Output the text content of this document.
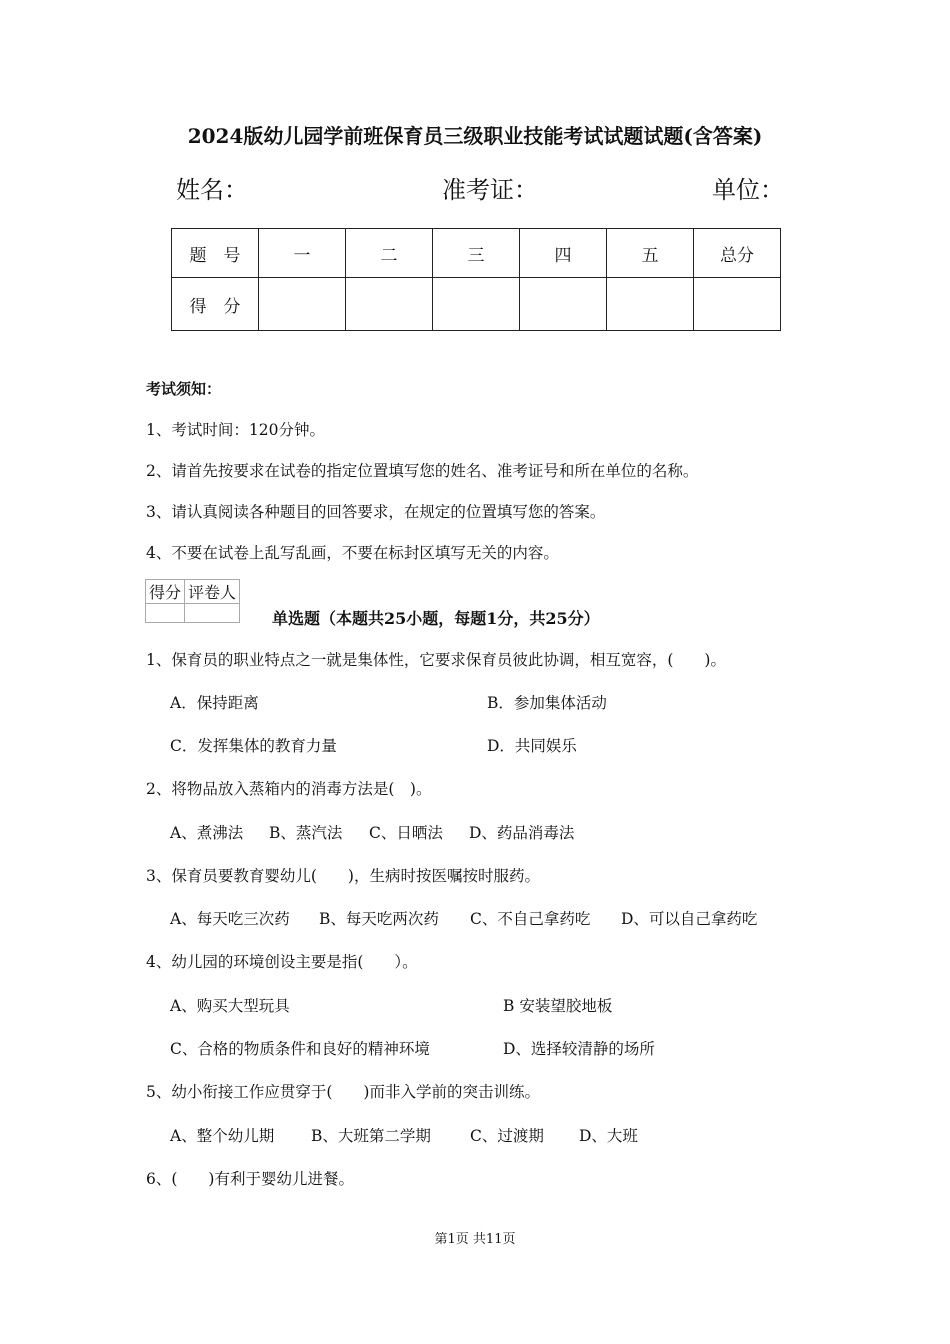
2024版幼儿园学前班保育员三级职业技能考试试题试题(含答案)
姓名：	准考证：	单位：
题　号	一	二	三	四	五	总分
得　分						
考试须知：
1、考试时间：120分钟。
2、请首先按要求在试卷的指定位置填写您的姓名、准考证号和所在单位的名称。
3、请认真阅读各种题目的回答要求，在规定的位置填写您的答案。
4、不要在试卷上乱写乱画，不要在标封区填写无关的内容。
得分	评卷人

单选题（本题共25小题，每题1分，共25分）
1、保育员的职业特点之一就是集体性，它要求保育员彼此协调，相互宽容，(　　)。
A．保持距离	B．参加集体活动
C．发挥集体的教育力量	D．共同娱乐
2、将物品放入蒸箱内的消毒方法是(　)。
A、煮沸法 B、蒸汽法 C、日晒法 D、药品消毒法
3、保育员要教育婴幼儿(　　)，生病时按医嘱按时服药。
A、每天吃三次药 B、每天吃两次药 C、不自己拿药吃 D、可以自己拿药吃
4、幼儿园的环境创设主要是指(　　）。
A、购买大型玩具	B 安装望胶地板
C、合格的物质条件和良好的精神环境	D、选择较清静的场所
5、幼小衔接工作应贯穿于(　　)而非入学前的突击训练。
A、整个幼儿期 B、大班第二学期	C、过渡期 D、大班
6、(　　)有利于婴幼儿进餐。
第1页 共11页
